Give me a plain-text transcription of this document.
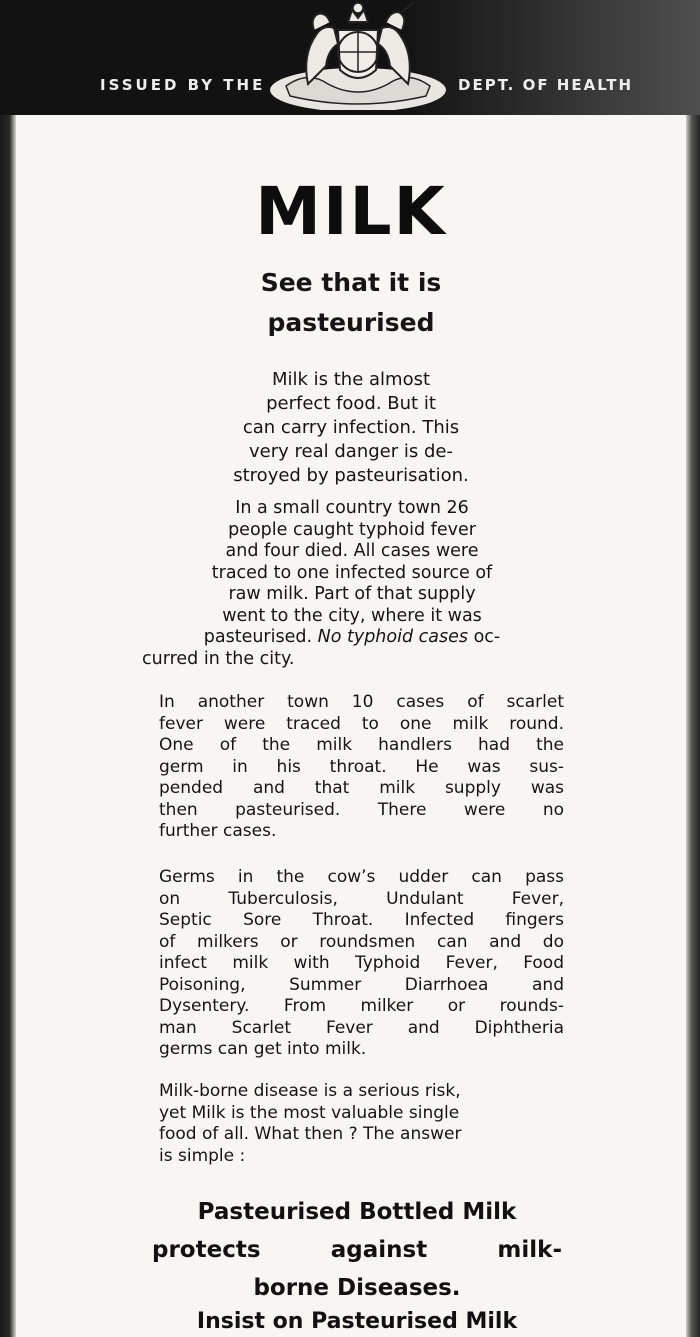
ISSUED BY THE	DEPT. OF HEALTH
MILK
See that it is
pasteurised
Milk is the almost
perfect food. But it
can carry infection. This
very real danger is de-
stroyed by pasteurisation.
In a small country town 26
people caught typhoid fever
and four died. All cases were
traced to one infected source of
raw milk. Part of that supply
went to the city, where it was
pasteurised. No typhoid cases oc-
curred in the city.
In another town 10 cases of scarlet
fever were traced to one milk round.
One of the milk handlers had the
germ in his throat. He was sus-
pended and that milk supply was
then pasteurised. There were no
further cases.
Germs in the cow’s udder can pass
on Tuberculosis, Undulant Fever,
Septic Sore Throat. Infected fingers
of milkers or roundsmen can and do
infect milk with Typhoid Fever, Food
Poisoning, Summer Diarrhoea and
Dysentery. From milker or rounds-
man Scarlet Fever and Diphtheria
germs can get into milk.
Milk-borne disease is a serious risk,
yet Milk is the most valuable single
food of all. What then ? The answer
is simple :
Pasteurised Bottled Milk
protects against milk-
borne Diseases.
Insist on Pasteurised Milk
